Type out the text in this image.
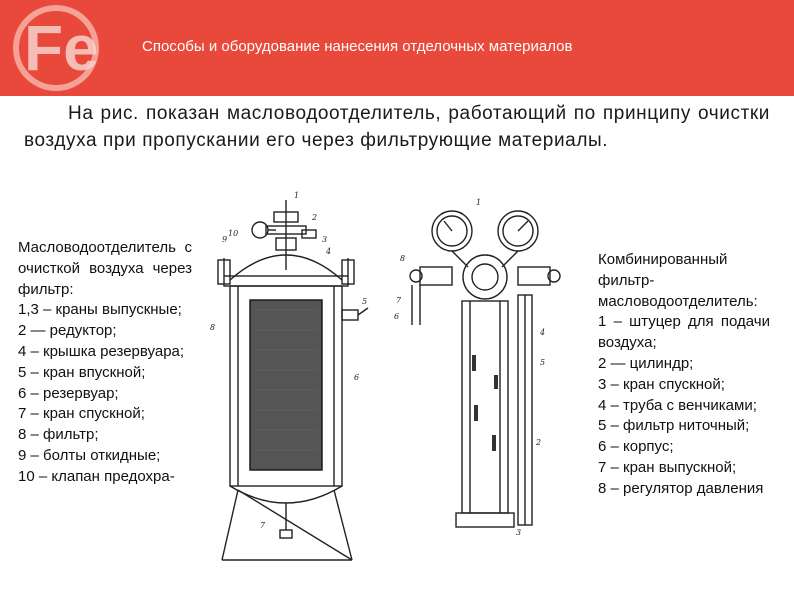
Fe	Способы и оборудование нанесения отделочных материалов
На рис. показан масловодоотделитель, работающий по принципу очистки воздуха при пропускании его через фильтрующие материалы.
Масловодоотделитель с очисткой воздуха через фильтр:
1,3 – краны выпускные;
2 — редуктор;
4 – крышка резервуара;
5 – кран впускной;
6 – резервуар;
7 – кран спускной;
8 – фильтр;
9 – болты откидные;
10 – клапан предохра-
1
2
3
4
5
6
7
8
9
10
1
2
3
4
5
6
7
8	Комбинированный фильтр-масловодоотделитель:
1 – штуцер для подачи воздуха;
2 — цилиндр;
3 – кран спускной;
4 – труба с венчиками;
5 – фильтр ниточный;
6 – корпус;
7 – кран выпускной;
8 – регулятор давления
